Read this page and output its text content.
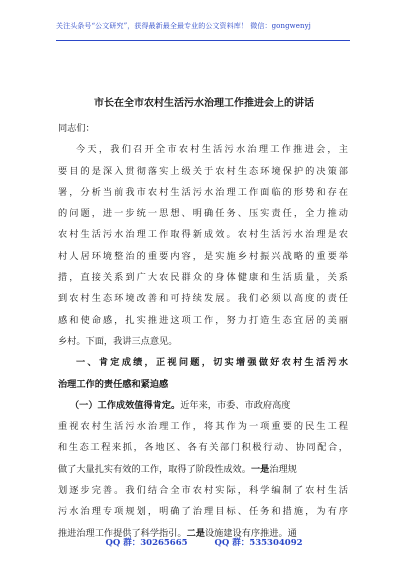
关注头条号“公文研究”，获得最新最全最专业的公文资料库！ 微信：gongwenyj
市长在全市农村生活污水治理工作推进会上的讲话
同志们：
今天，我们召开全市农村生活污水治理工作推进会，主
要目的是深入贯彻落实上级关于农村生态环境保护的决策部
署，分析当前我市农村生活污水治理工作面临的形势和存在
的问题，进一步统一思想、明确任务、压实责任，全力推动
农村生活污水治理工作取得新成效。农村生活污水治理是农
村人居环境整治的重要内容，是实施乡村振兴战略的重要举
措，直接关系到广大农民群众的身体健康和生活质量，关系
到农村生态环境改善和可持续发展。我们必须以高度的责任
感和使命感，扎实推进这项工作，努力打造生态宜居的美丽
乡村。下面，我讲三点意见。
一、肯定成绩，正视问题，切实增强做好农村生活污水
治理工作的责任感和紧迫感
（一）工作成效值得肯定。近年来，市委、市政府高度
重视农村生活污水治理工作，将其作为一项重要的民生工程
和生态工程来抓，各地区、各有关部门积极行动、协同配合，
做了大量扎实有效的工作，取得了阶段性成效。一是治理规
划逐步完善。我们结合全市农村实际，科学编制了农村生活
污水治理专项规划，明确了治理目标、任务和措施，为有序
推进治理工作提供了科学指引。二是设施建设有序推进。通
QQ 群：30265665	QQ 群：535304092
